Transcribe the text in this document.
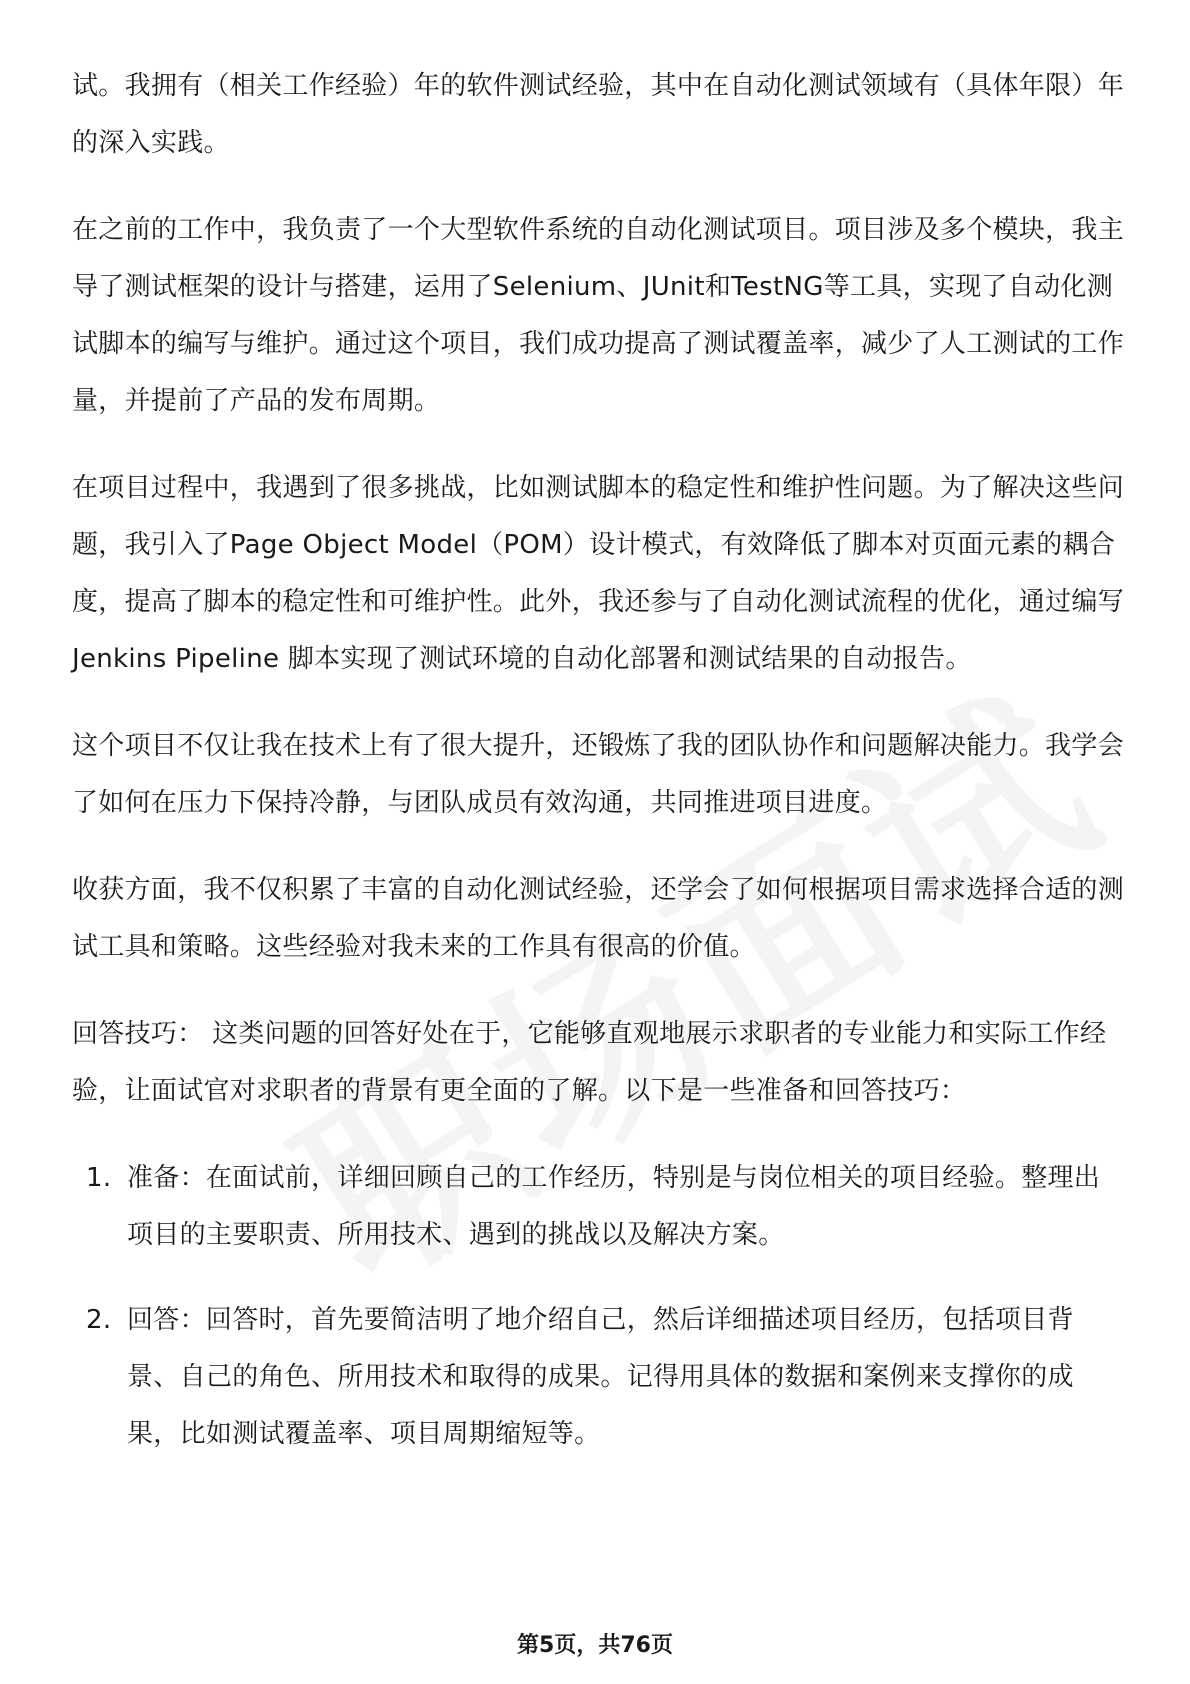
试。我拥有（相关工作经验）年的软件测试经验，其中在自动化测试领域有（具体年限）年的深入实践。

在之前的工作中，我负责了一个大型软件系统的自动化测试项目。项目涉及多个模块，我主导了测试框架的设计与搭建，运用了Selenium、JUnit和TestNG等工具，实现了自动化测试脚本的编写与维护。通过这个项目，我们成功提高了测试覆盖率，减少了人工测试的工作量，并提前了产品的发布周期。

在项目过程中，我遇到了很多挑战，比如测试脚本的稳定性和维护性问题。为了解决这些问题，我引入了Page Object Model（POM）设计模式，有效降低了脚本对页面元素的耦合度，提高了脚本的稳定性和可维护性。此外，我还参与了自动化测试流程的优化，通过编写 Jenkins Pipeline 脚本实现了测试环境的自动化部署和测试结果的自动报告。

这个项目不仅让我在技术上有了很大提升，还锻炼了我的团队协作和问题解决能力。我学会了如何在压力下保持冷静，与团队成员有效沟通，共同推进项目进度。

收获方面，我不仅积累了丰富的自动化测试经验，还学会了如何根据项目需求选择合适的测试工具和策略。这些经验对我未来的工作具有很高的价值。

回答技巧： 这类问题的回答好处在于，它能够直观地展示求职者的专业能力和实际工作经验，让面试官对求职者的背景有更全面的了解。以下是一些准备和回答技巧：

1. 准备：在面试前，详细回顾自己的工作经历，特别是与岗位相关的项目经验。整理出项目的主要职责、所用技术、遇到的挑战以及解决方案。
2. 回答：回答时，首先要简洁明了地介绍自己，然后详细描述项目经历，包括项目背景、自己的角色、所用技术和取得的成果。记得用具体的数据和案例来支撑你的成果，比如测试覆盖率、项目周期缩短等。
第5页，共76页
